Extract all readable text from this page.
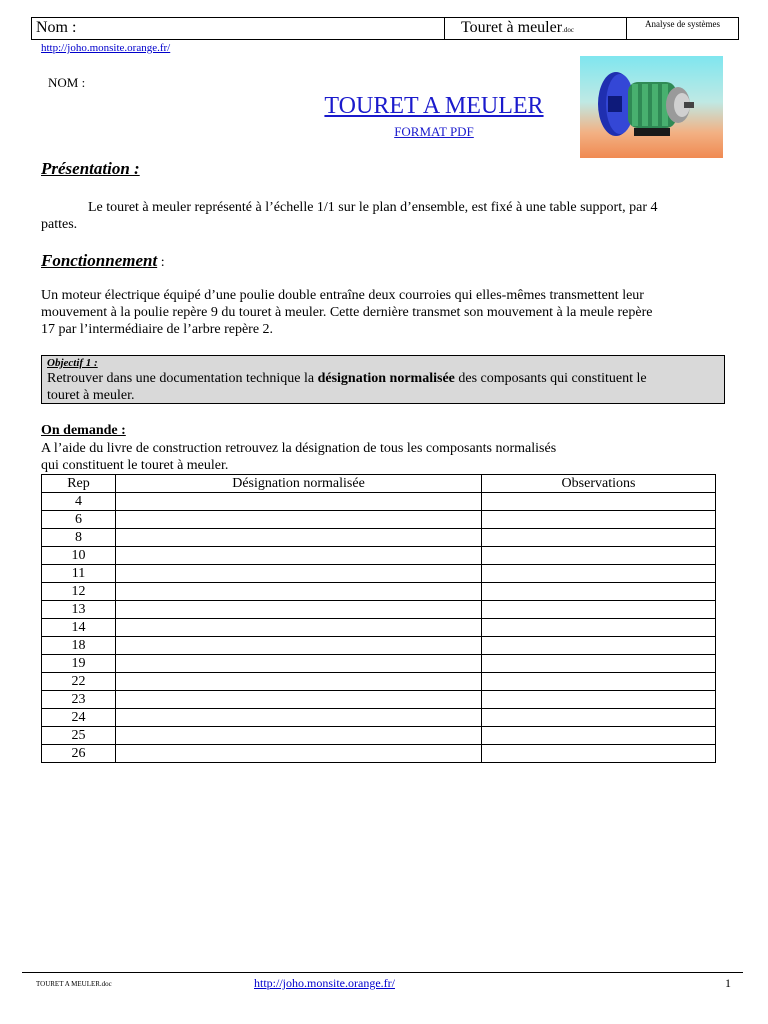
Nom :	Touret à meuler.doc
Analyse de systèmes
http://joho.monsite.orange.fr/
NOM :
TOURET A MEULER
FORMAT PDF
Présentation :
Le touret à meuler représenté à l’échelle 1/1 sur le plan d’ensemble, est fixé à une table support, par 4
pattes.
Fonctionnement :
Un moteur électrique équipé d’une poulie double entraîne deux courroies qui elles-mêmes transmettent leur
mouvement à la poulie repère 9 du touret à meuler. Cette dernière transmet son mouvement à la meule repère
17 par l’intermédiaire de l’arbre repère 2.
Objectif 1 :
Retrouver dans une documentation technique la désignation normalisée des composants qui constituent le
touret à meuler.
On demande :
A l’aide du livre de construction retrouvez la désignation de tous les composants normalisés
qui constituent le touret à meuler.
Rep	Désignation normalisée	Observations
4		
6		
8		
10		
11		
12		
13		
14		
18		
19		
22		
23		
24		
25		
26		
TOURET A MEULER.doc	http://joho.monsite.orange.fr/	1
